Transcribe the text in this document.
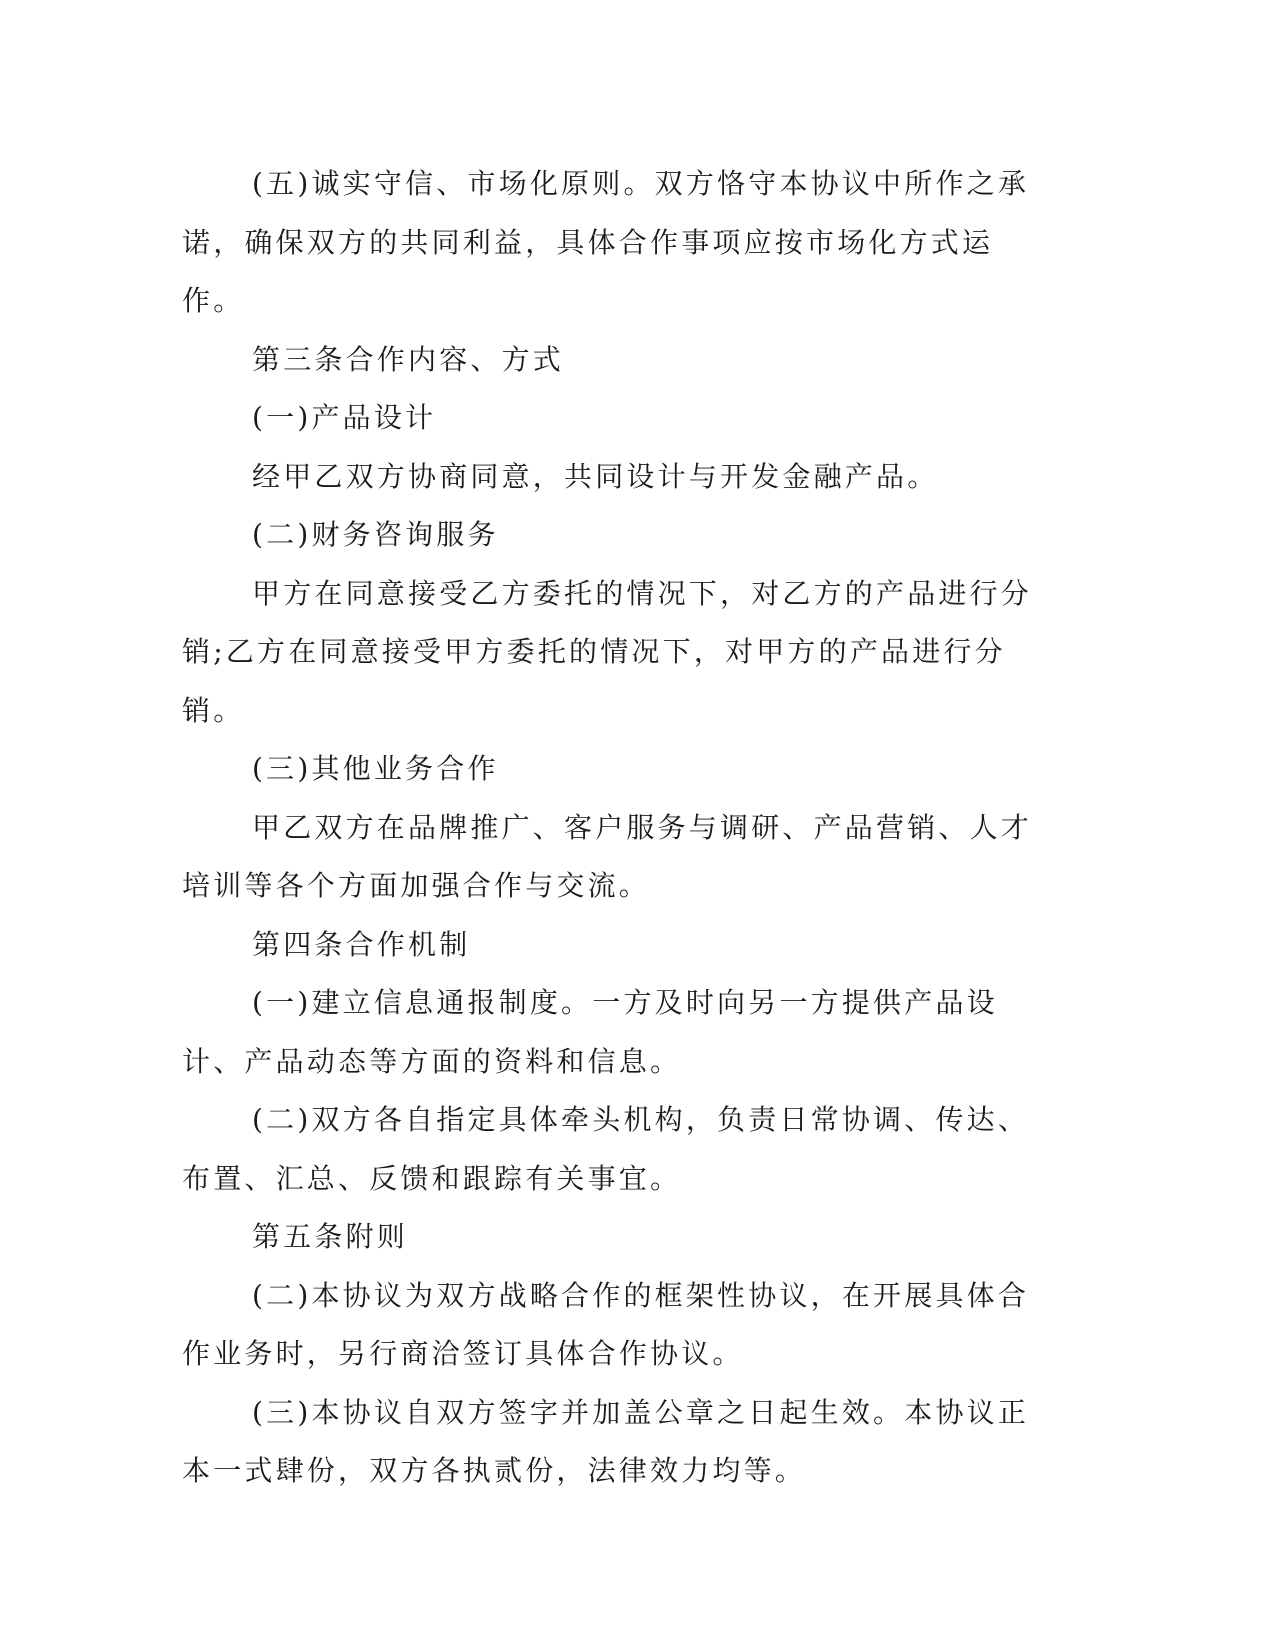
(五)诚实守信、市场化原则。双方恪守本协议中所作之承诺，确保双方的共同利益，具体合作事项应按市场化方式运作。

第三条合作内容、方式

(一)产品设计

经甲乙双方协商同意，共同设计与开发金融产品。

(二)财务咨询服务

甲方在同意接受乙方委托的情况下，对乙方的产品进行分销;乙方在同意接受甲方委托的情况下，对甲方的产品进行分销。

(三)其他业务合作

甲乙双方在品牌推广、客户服务与调研、产品营销、人才培训等各个方面加强合作与交流。

第四条合作机制

(一)建立信息通报制度。一方及时向另一方提供产品设计、产品动态等方面的资料和信息。

(二)双方各自指定具体牵头机构，负责日常协调、传达、布置、汇总、反馈和跟踪有关事宜。

第五条附则

(二)本协议为双方战略合作的框架性协议，在开展具体合作业务时，另行商洽签订具体合作协议。

(三)本协议自双方签字并加盖公章之日起生效。本协议正本一式肆份，双方各执贰份，法律效力均等。
